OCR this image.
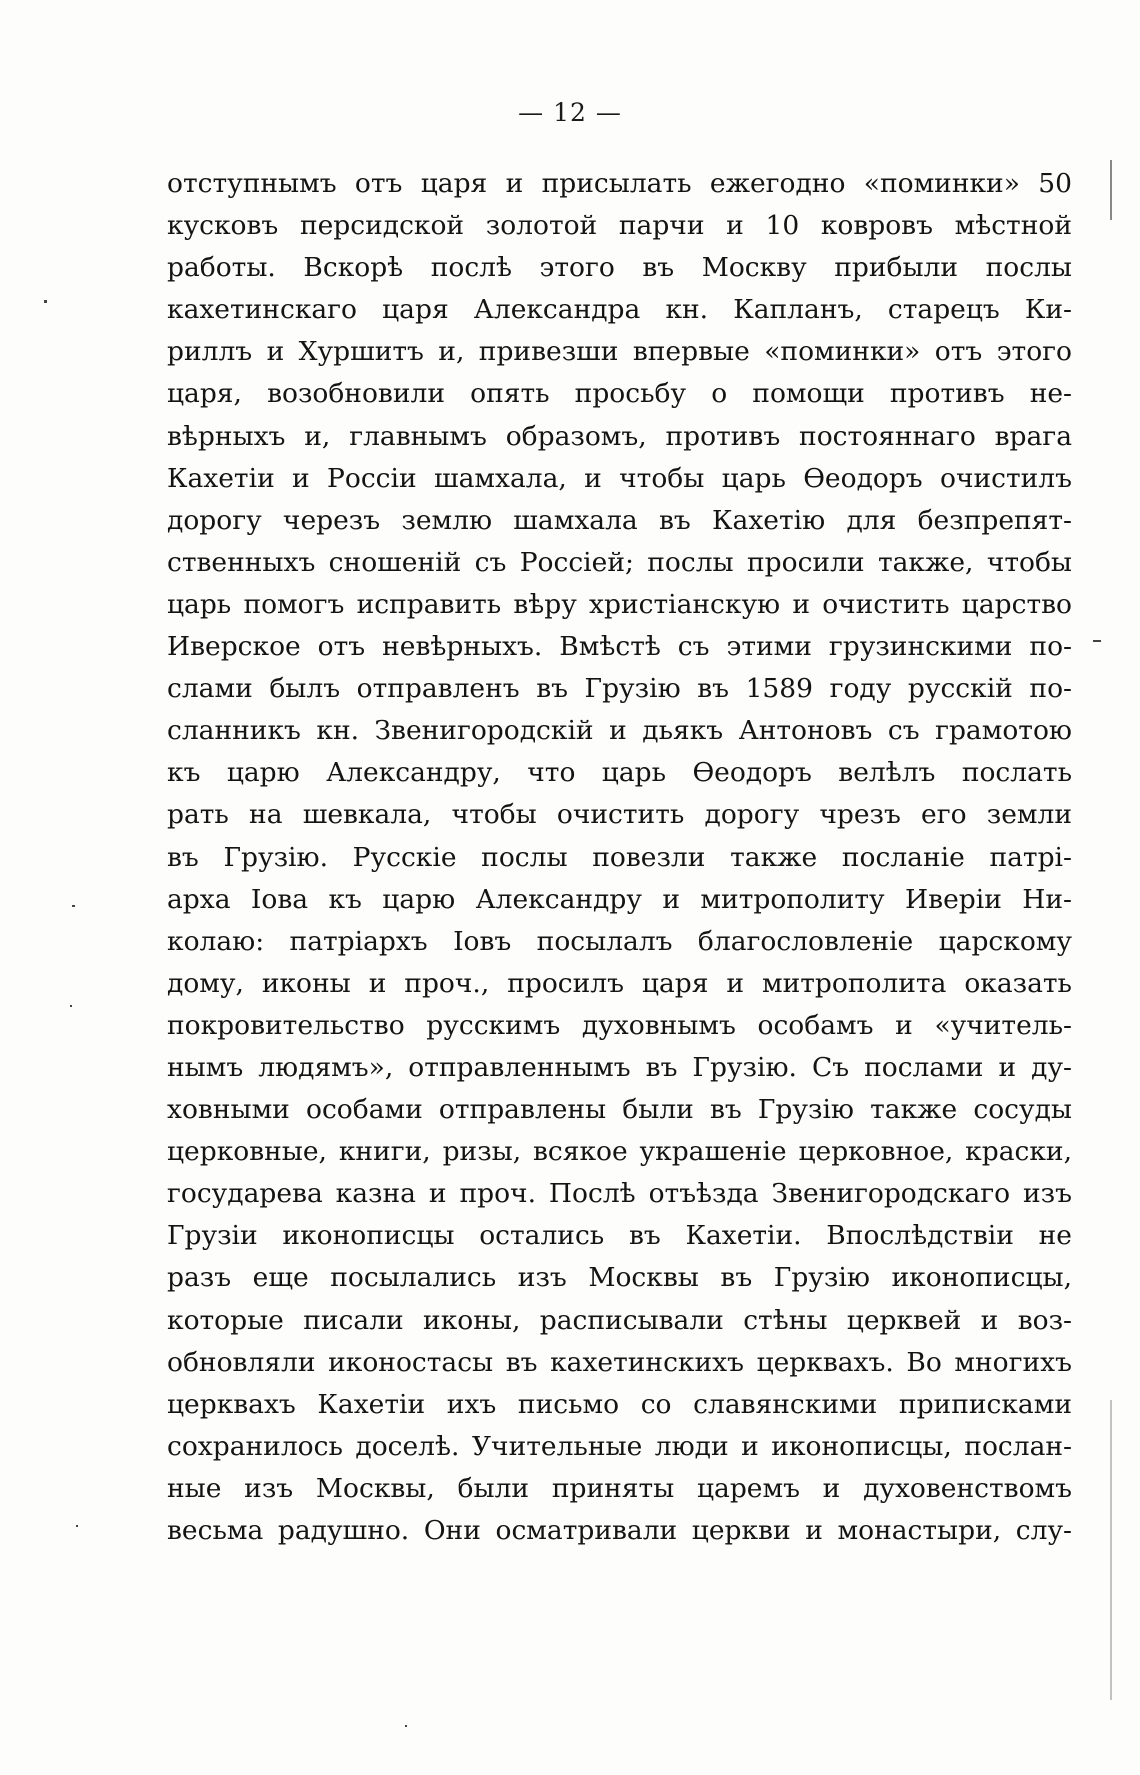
— 12 —
отступнымъ отъ царя и присылать ежегодно «поминки» 50
кусковъ персидской золотой парчи и 10 ковровъ мѣстной
работы. Вскорѣ послѣ этого въ Москву прибыли послы
кахетинскаго царя Александра кн. Капланъ, старецъ Ки-
риллъ и Хуршитъ и, привезши впервые «поминки» отъ этого
царя, возобновили опять просьбу о помощи противъ не-
вѣрныхъ и, главнымъ образомъ, противъ постояннаго врага
Кахетіи и Россіи шамхала, и чтобы царь Ѳеодоръ очистилъ
дорогу черезъ землю шамхала въ Кахетію для безпрепят-
ственныхъ сношеній съ Россіей; послы просили также, чтобы
царь помогъ исправить вѣру христіанскую и очистить царство
Иверское отъ невѣрныхъ. Вмѣстѣ съ этими грузинскими по-
слами былъ отправленъ въ Грузію въ 1589 году русскій по-
сланникъ кн. Звенигородскій и дьякъ Антоновъ съ грамотою
къ царю Александру, что царь Ѳеодоръ велѣлъ послать
рать на шевкала, чтобы очистить дорогу чрезъ его земли
въ Грузію. Русскіе послы повезли также посланіе патрі-
арха Іова къ царю Александру и митрополиту Иверіи Ни-
колаю: патріархъ Іовъ посылалъ благословленіе царскому
дому, иконы и проч., просилъ царя и митрополита оказать
покровительство русскимъ духовнымъ особамъ и «учитель-
нымъ людямъ», отправленнымъ въ Грузію. Съ послами и ду-
ховными особами отправлены были въ Грузію также сосуды
церковные, книги, ризы, всякое украшеніе церковное, краски,
государева казна и проч. Послѣ отъѣзда Звенигородскаго изъ
Грузіи иконописцы остались въ Кахетіи. Впослѣдствіи не
разъ еще посылались изъ Москвы въ Грузію иконописцы,
которые писали иконы, расписывали стѣны церквей и воз-
обновляли иконостасы въ кахетинскихъ церквахъ. Во многихъ
церквахъ Кахетіи ихъ письмо со славянскими приписками
сохранилось доселѣ. Учительные люди и иконописцы, послан-
ные изъ Москвы, были приняты царемъ и духовенствомъ
весьма радушно. Они осматривали церкви и монастыри, слу-
